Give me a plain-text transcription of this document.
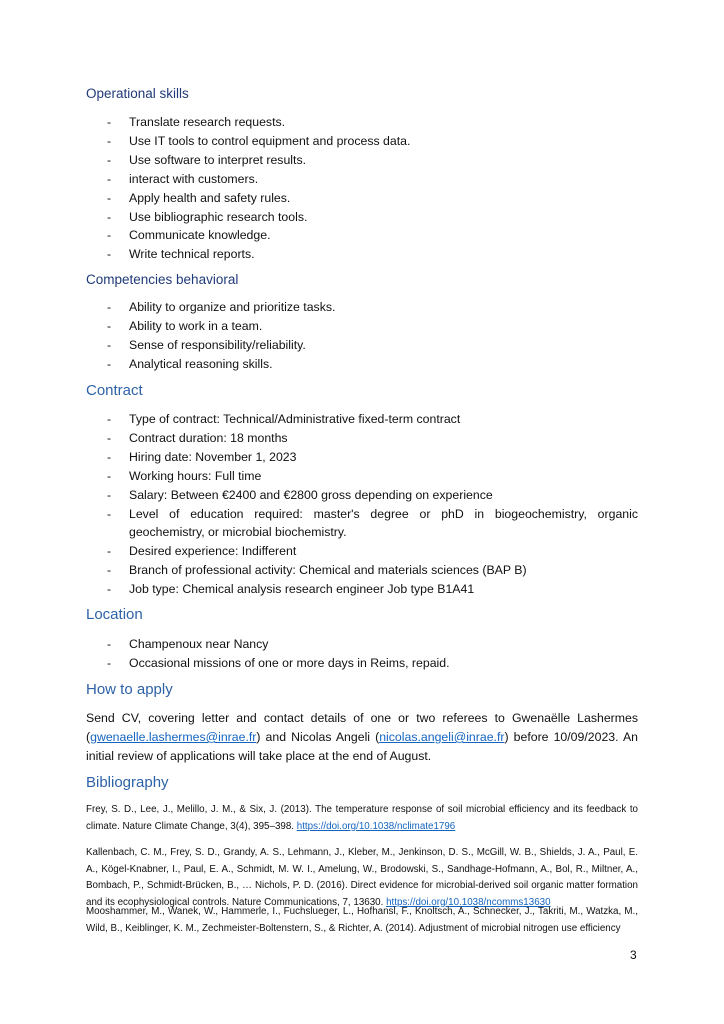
Operational skills
- Translate research requests.
- Use IT tools to control equipment and process data.
- Use software to interpret results.
- interact with customers.
- Apply health and safety rules.
- Use bibliographic research tools.
- Communicate knowledge.
- Write technical reports.
Competencies behavioral
- Ability to organize and prioritize tasks.
- Ability to work in a team.
- Sense of responsibility/reliability.
- Analytical reasoning skills.
Contract
- Type of contract: Technical/Administrative fixed-term contract
- Contract duration: 18 months
- Hiring date: November 1, 2023
- Working hours: Full time
- Salary: Between €2400 and €2800 gross depending on experience
- Level of education required: master's degree or phD in biogeochemistry, organic geochemistry, or microbial biochemistry.
- Desired experience: Indifferent
- Branch of professional activity: Chemical and materials sciences (BAP B)
- Job type: Chemical analysis research engineer Job type B1A41
Location
- Champenoux near Nancy
- Occasional missions of one or more days in Reims, repaid.
How to apply

Send CV, covering letter and contact details of one or two referees to Gwenaëlle Lashermes (gwenaelle.lashermes@inrae.fr) and Nicolas Angeli (nicolas.angeli@inrae.fr) before 10/09/2023. An initial review of applications will take place at the end of August.

Bibliography

Frey, S. D., Lee, J., Melillo, J. M., & Six, J. (2013). The temperature response of soil microbial efficiency and its feedback to climate. Nature Climate Change, 3(4), 395–398. https://doi.org/10.1038/nclimate1796

Kallenbach, C. M., Frey, S. D., Grandy, A. S., Lehmann, J., Kleber, M., Jenkinson, D. S., McGill, W. B., Shields, J. A., Paul, E. A., Kögel-Knabner, I., Paul, E. A., Schmidt, M. W. I., Amelung, W., Brodowski, S., Sandhage-Hofmann, A., Bol, R., Miltner, A., Bombach, P., Schmidt-Brücken, B., … Nichols, P. D. (2016). Direct evidence for microbial-derived soil organic matter formation and its ecophysiological controls. Nature Communications, 7, 13630. https://doi.org/10.1038/ncomms13630

Mooshammer, M., Wanek, W., Hammerle, I., Fuchslueger, L., Hofhansl, F., Knoltsch, A., Schnecker, J., Takriti, M., Watzka, M., Wild, B., Keiblinger, K. M., Zechmeister-Boltenstern, S., & Richter, A. (2014). Adjustment of microbial nitrogen use efficiency

3
